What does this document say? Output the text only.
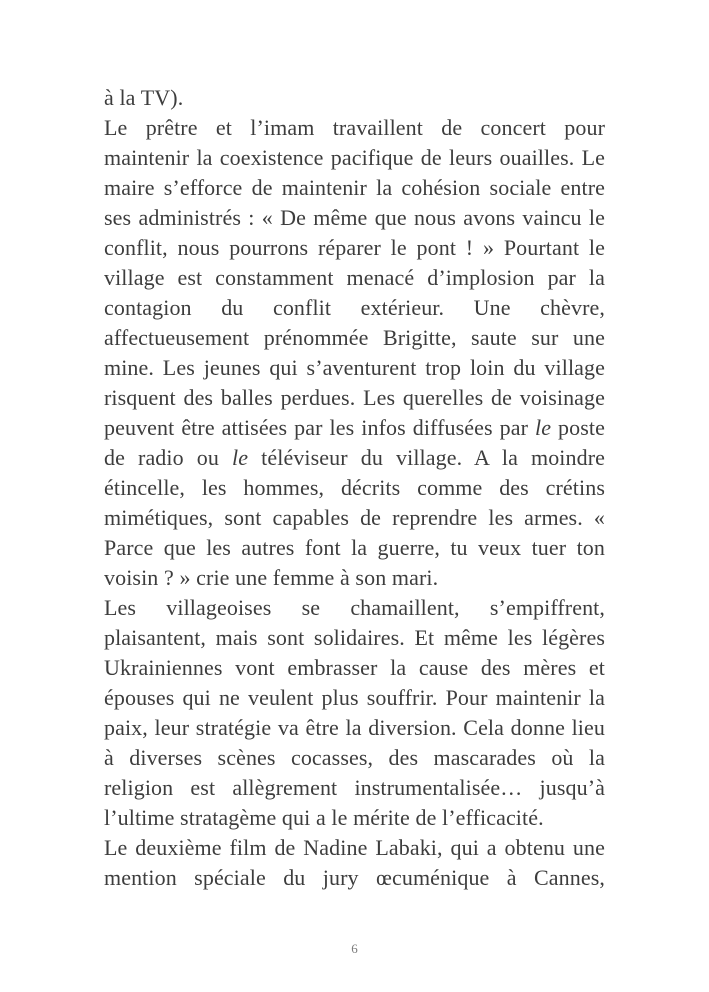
à la TV).

Le prêtre et l’imam travaillent de concert pour maintenir la coexistence pacifique de leurs ouailles. Le maire s’efforce de maintenir la cohésion sociale entre ses administrés : « De même que nous avons vaincu le conflit, nous pourrons réparer le pont ! » Pourtant le village est constamment menacé d’implosion par la contagion du conflit extérieur. Une chèvre, affectueusement prénommée Brigitte, saute sur une mine. Les jeunes qui s’aventurent trop loin du village risquent des balles perdues. Les querelles de voisinage peuvent être attisées par les infos diffusées par le poste de radio ou le téléviseur du village. A la moindre étincelle, les hommes, décrits comme des crétins mimétiques, sont capables de reprendre les armes. « Parce que les autres font la guerre, tu veux tuer ton voisin ? » crie une femme à son mari.

Les villageoises se chamaillent, s’empiffrent, plaisantent, mais sont solidaires. Et même les légères Ukrainiennes vont embrasser la cause des mères et épouses qui ne veulent plus souffrir. Pour maintenir la paix, leur stratégie va être la diversion. Cela donne lieu à diverses scènes cocasses, des mascarades où la religion est allègrement instrumentalisée… jusqu’à l’ultime stratagème qui a le mérite de l’efficacité.

Le deuxième film de Nadine Labaki, qui a obtenu une mention spéciale du jury œcuménique à Cannes,

6
